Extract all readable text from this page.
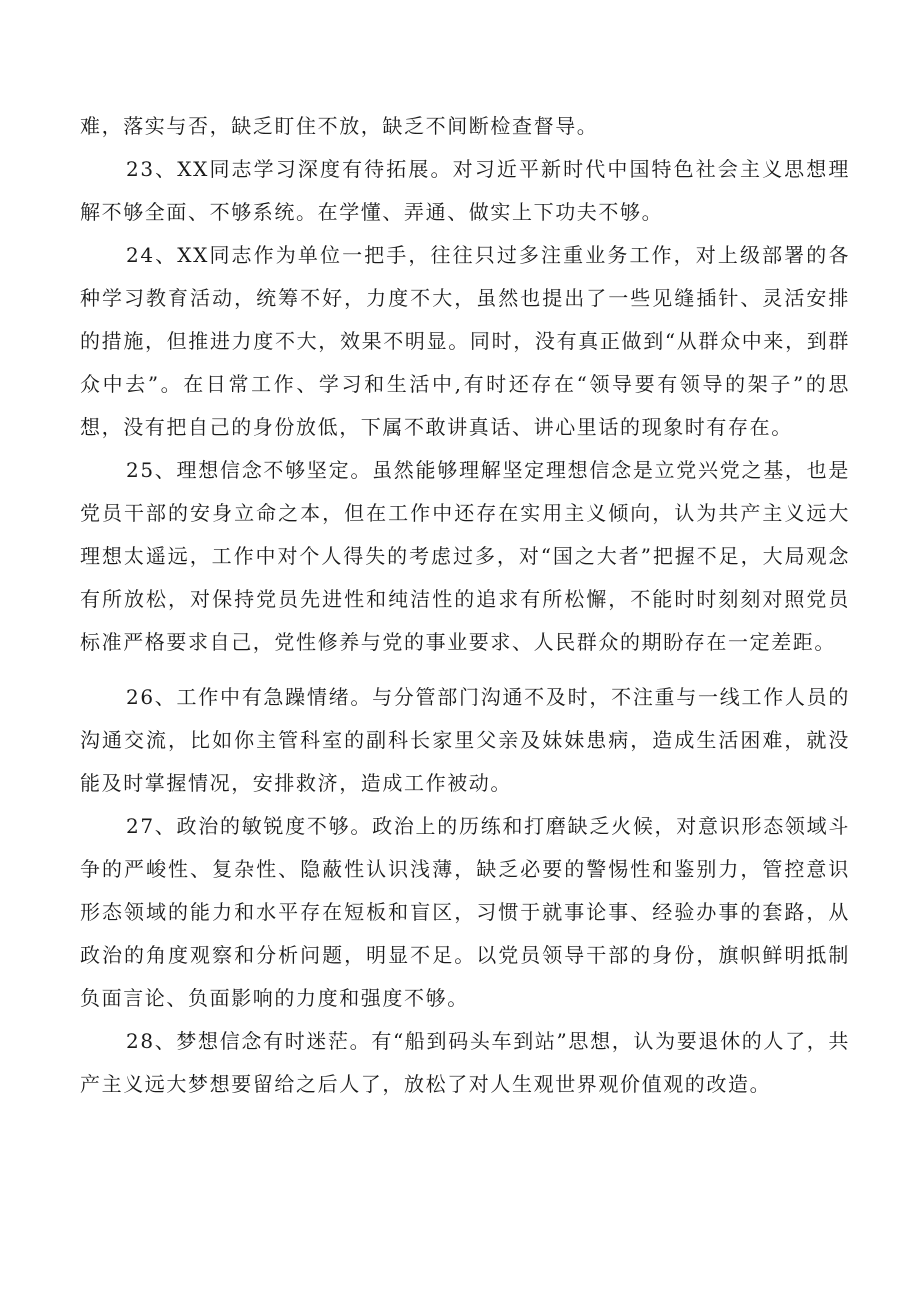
难，落实与否，缺乏盯住不放，缺乏不间断检查督导。

23、XX同志学习深度有待拓展。对习近平新时代中国特色社会主义思想理解不够全面、不够系统。在学懂、弄通、做实上下功夫不够。

24、XX同志作为单位一把手，往往只过多注重业务工作，对上级部署的各种学习教育活动，统筹不好，力度不大，虽然也提出了一些见缝插针、灵活安排的措施，但推进力度不大，效果不明显。同时，没有真正做到“从群众中来，到群众中去”。在日常工作、学习和生活中,有时还存在“领导要有领导的架子”的思想，没有把自己的身份放低，下属不敢讲真话、讲心里话的现象时有存在。

25、理想信念不够坚定。虽然能够理解坚定理想信念是立党兴党之基，也是党员干部的安身立命之本，但在工作中还存在实用主义倾向，认为共产主义远大理想太遥远，工作中对个人得失的考虑过多，对“国之大者”把握不足，大局观念有所放松，对保持党员先进性和纯洁性的追求有所松懈，不能时时刻刻对照党员标准严格要求自己，党性修养与党的事业要求、人民群众的期盼存在一定差距。

26、工作中有急躁情绪。与分管部门沟通不及时，不注重与一线工作人员的沟通交流，比如你主管科室的副科长家里父亲及妹妹患病，造成生活困难，就没能及时掌握情况，安排救济，造成工作被动。

27、政治的敏锐度不够。政治上的历练和打磨缺乏火候，对意识形态领域斗争的严峻性、复杂性、隐蔽性认识浅薄，缺乏必要的警惕性和鉴别力，管控意识形态领域的能力和水平存在短板和盲区，习惯于就事论事、经验办事的套路，从政治的角度观察和分析问题，明显不足。以党员领导干部的身份，旗帜鲜明抵制负面言论、负面影响的力度和强度不够。

28、梦想信念有时迷茫。有“船到码头车到站”思想，认为要退休的人了，共产主义远大梦想要留给之后人了，放松了对人生观世界观价值观的改造。
